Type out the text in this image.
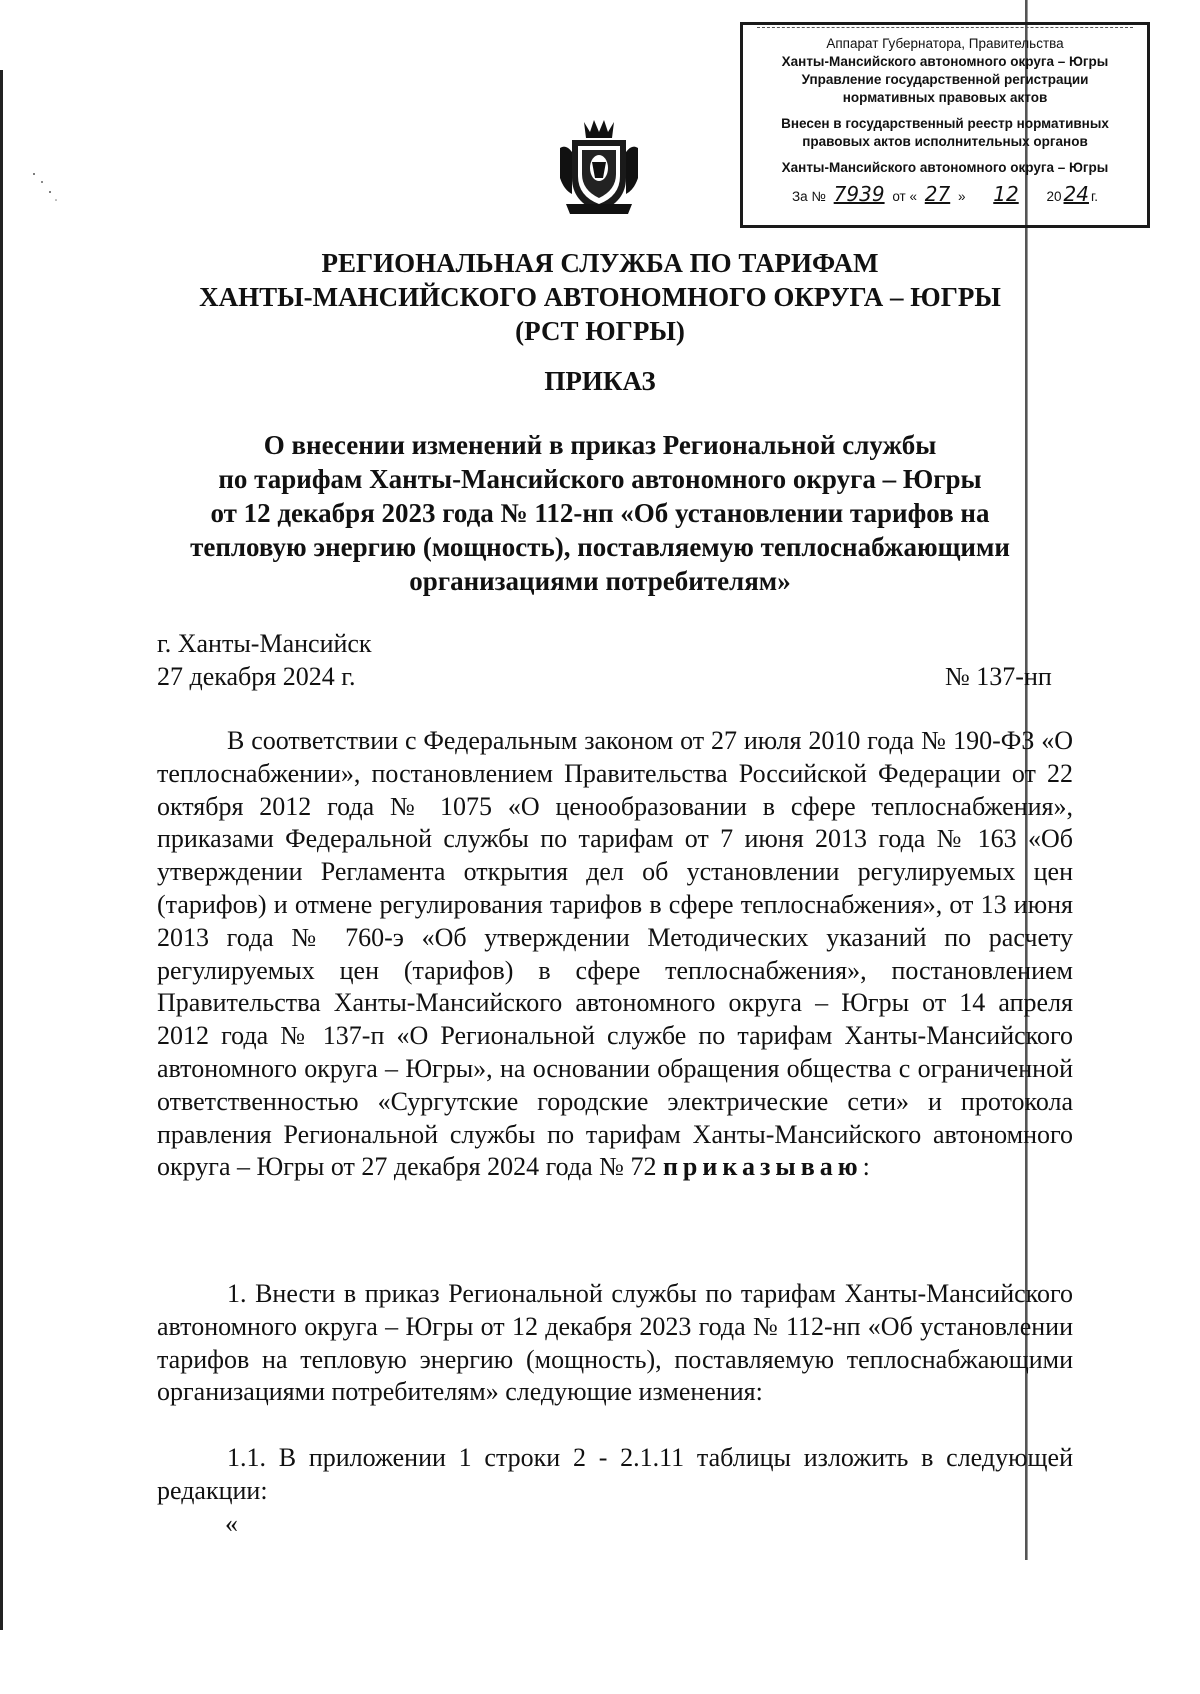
Аппарат Губернатора, Правительства
Ханты-Мансийского автономного округа – Югры
Управление государственной регистрации
нормативных правовых актов
Внесен в государственный реестр нормативных
правовых актов исполнительных органов
Ханты-Мансийского автономного округа – Югры
За № 7939 от « 27 » 12 20 24 г.
РЕГИОНАЛЬНАЯ СЛУЖБА ПО ТАРИФАМ
ХАНТЫ-МАНСИЙСКОГО АВТОНОМНОГО ОКРУГА – ЮГРЫ
(РСТ ЮГРЫ)
ПРИКАЗ
О внесении изменений в приказ Региональной службы
по тарифам Ханты-Мансийского автономного округа – Югры
от 12 декабря 2023 года № 112-нп «Об установлении тарифов на
тепловую энергию (мощность), поставляемую теплоснабжающими
организациями потребителям»
г. Ханты-Мансийск
27 декабря 2024 г.	№ 137-нп
В соответствии с Федеральным законом от 27 июля 2010 года № 190-ФЗ «О теплоснабжении», постановлением Правительства Российской Федерации от 22 октября 2012 года № 1075 «О ценообразовании в сфере теплоснабжения», приказами Федеральной службы по тарифам от 7 июня 2013 года № 163 «Об утверждении Регламента открытия дел об установлении регулируемых цен (тарифов) и отмене регулирования тарифов в сфере теплоснабжения», от 13 июня 2013 года № 760-э «Об утверждении Методических указаний по расчету регулируемых цен (тарифов) в сфере теплоснабжения», постановлением Правительства Ханты-Мансийского автономного округа – Югры от 14 апреля 2012 года № 137-п «О Региональной службе по тарифам Ханты-Мансийского автономного округа – Югры», на основании обращения общества с ограниченной ответственностью «Сургутские городские электрические сети» и протокола правления Региональной службы по тарифам Ханты-Мансийского автономного округа – Югры от 27 декабря 2024 года № 72 приказываю:
1. Внести в приказ Региональной службы по тарифам Ханты-Мансийского автономного округа – Югры от 12 декабря 2023 года № 112-нп «Об установлении тарифов на тепловую энергию (мощность), поставляемую теплоснабжающими организациями потребителям» следующие изменения:
1.1. В приложении 1 строки 2 - 2.1.11 таблицы изложить в следующей редакции:
«
